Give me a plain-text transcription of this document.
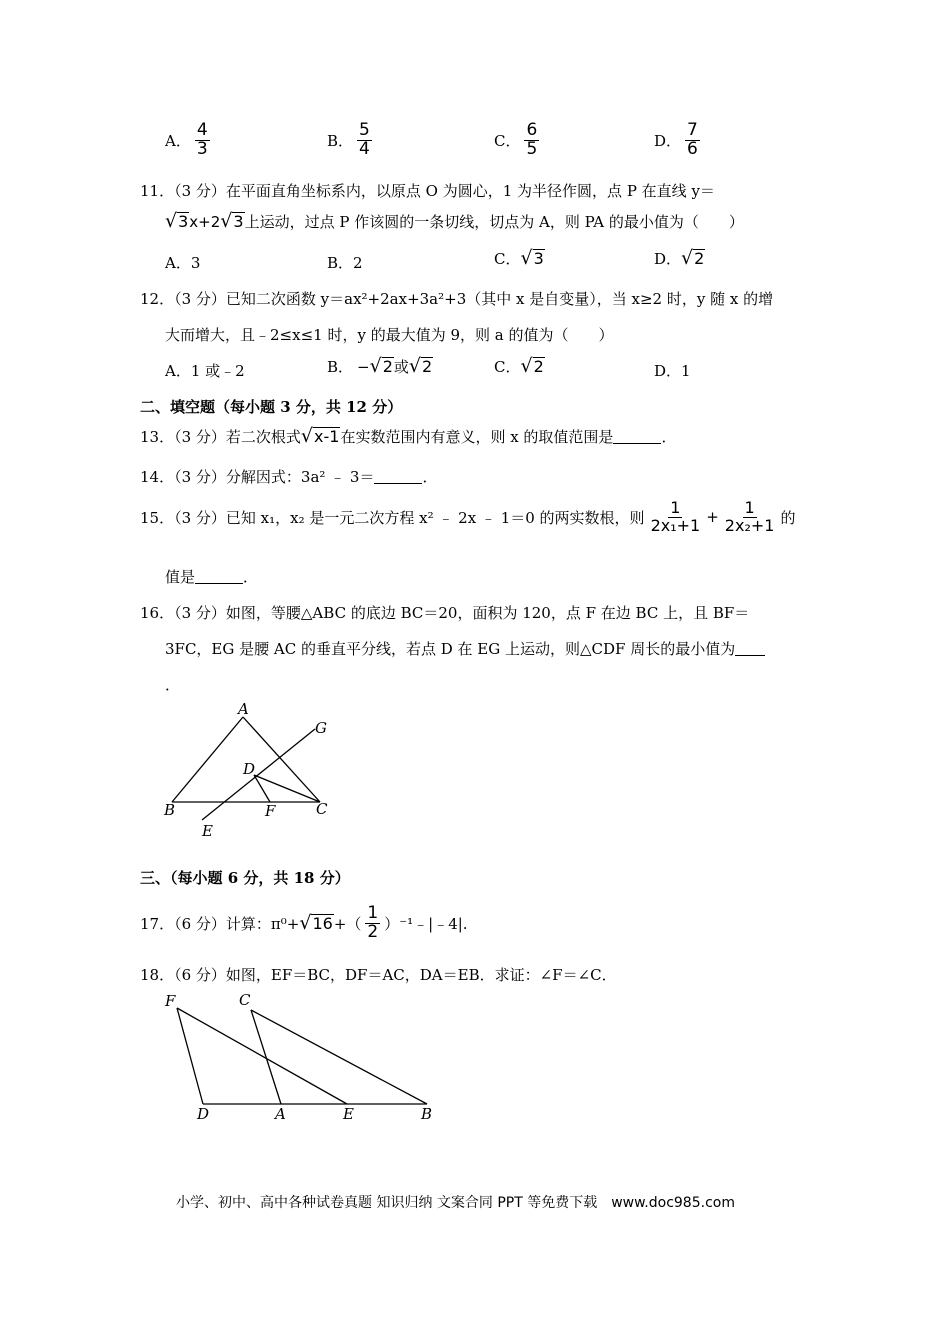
A． $\frac{4}{3}$	B． $\frac{5}{4}$	C． $\frac{6}{5}$	D． $\frac{7}{6}$
11．（3 分）在平面直角坐标系内，以原点 O 为圆心，1 为半径作圆，点 P 在直线 y＝
√ 3 x+2 √ 3 上运动，过点 P 作该圆的一条切线，切点为 A，则 PA 的最小值为（　　）
A．3	B．2	C． √ 3	D． √ 2
12．（3 分）已知二次函数 y＝ax²+2ax+3a²+3（其中 x 是自变量），当 x≥2 时，y 随 x 的增
大而增大，且﹣2≤x≤1 时，y 的最大值为 9，则 a 的值为（　　）
A．1 或﹣2	B． − √ 2 或 √ 2	C． √ 2	D．1
二、填空题（每小题 3 分，共 12 分）
13．（3 分）若二次根式 √ x-1 在实数范围内有意义，则 x 的取值范围是	．
14．（3 分）分解因式：3a² ﹣ 3＝	．
15．（3 分）已知 x₁，x₂ 是一元二次方程 x² ﹣ 2x ﹣ 1＝0 的两实数根，则 $\frac{1}{\text{2x₁+1}} + \frac{1}{\text{2x₂+1}}$ 的
值是	．
16．（3 分）如图，等腰△ABC 的底边 BC＝20，面积为 120，点 F 在边 BC 上，且 BF＝
3FC，EG 是腰 AC 的垂直平分线，若点 D 在 EG 上运动，则△CDF 周长的最小值为
．
A
B	C
D
E
F
G
三、（每小题 6 分，共 18 分）
17．（6 分）计算：π⁰+ √ 16 +（ $\frac{1}{2}$ ）⁻¹﹣|﹣4|.
18．（6 分）如图，EF＝BC，DF＝AC，DA＝EB．求证：∠F＝∠C．
F	C
D	A	E	B
小学、初中、高中各种试卷真题 知识归纳 文案合同 PPT 等免费下载　www.doc985.com
